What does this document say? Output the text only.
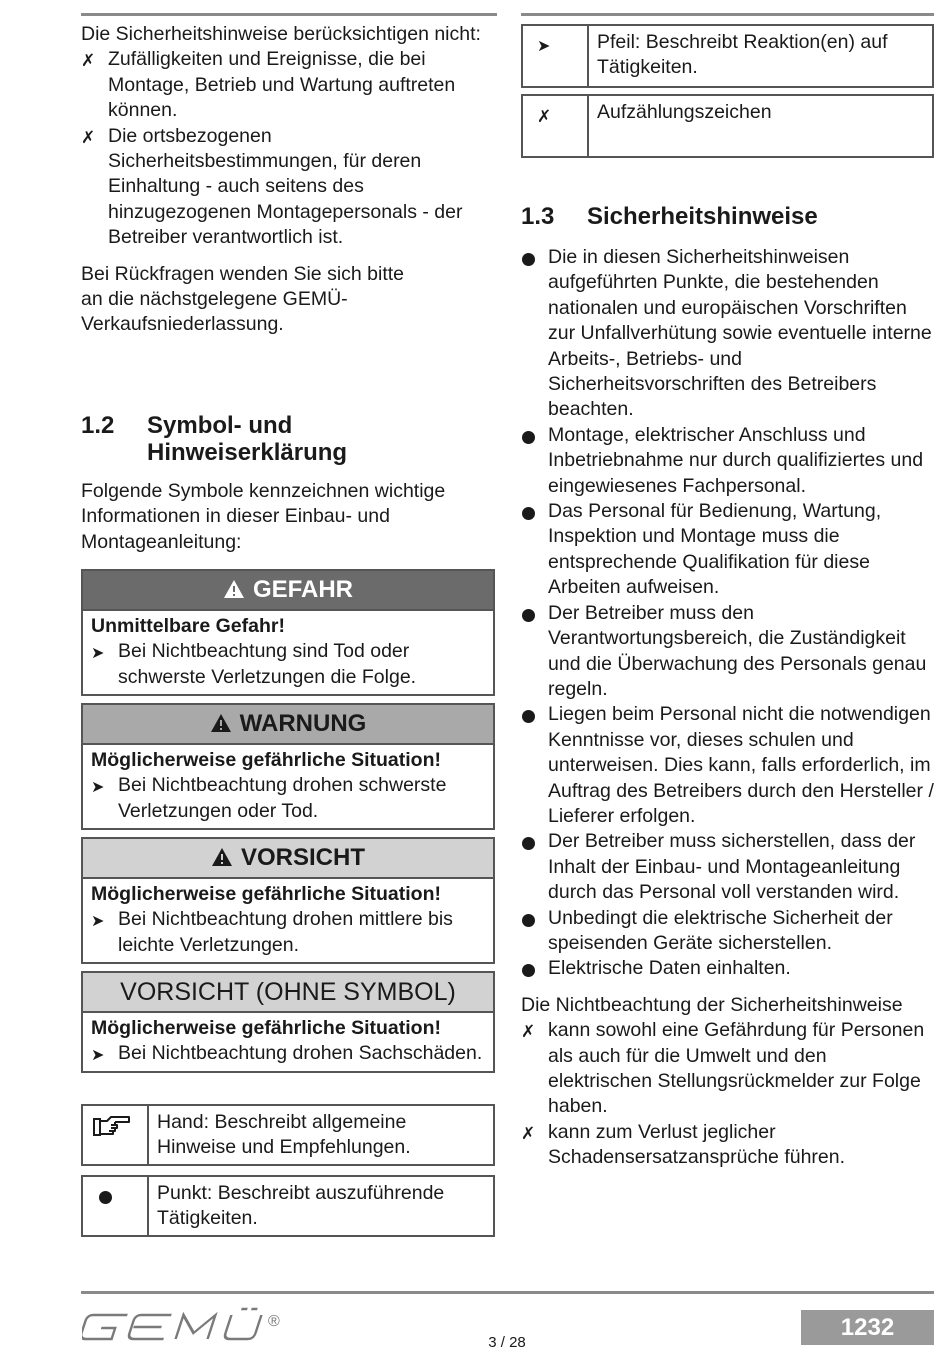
Die Sicherheitshinweise berücksichtigen nicht:

✗ Zufälligkeiten und Ereignisse, die bei Montage, Betrieb und Wartung auftreten können.
✗ Die ortsbezogenen Sicherheitsbestimmungen, für deren Einhaltung - auch seitens des hinzugezogenen Montagepersonals - der Betreiber verantwortlich ist.

Bei Rückfragen wenden Sie sich bitte an die nächstgelegene GEMÜ-Verkaufsniederlassung.

1.2 Symbol- und
Hinweiserklärung

Folgende Symbole kennzeichnen wichtige Informationen in dieser Einbau- und Montageanleitung:

GEFAHR
Unmittelbare Gefahr!
➤ Bei Nichtbeachtung sind Tod oder schwerste Verletzungen die Folge.
WARNUNG
Möglicherweise gefährliche Situation!
➤ Bei Nichtbeachtung drohen schwerste Verletzungen oder Tod.
VORSICHT
Möglicherweise gefährliche Situation!
➤ Bei Nichtbeachtung drohen mittlere bis leichte Verletzungen.
VORSICHT (OHNE SYMBOL)
Möglicherweise gefährliche Situation!
➤ Bei Nichtbeachtung drohen Sachschäden.
Hand: Beschreibt allgemeine Hinweise und Empfehlungen.
Punkt: Beschreibt auszuführende Tätigkeiten.
➤	Pfeil: Beschreibt Reaktion(en) auf Tätigkeiten.
✗	Aufzählungszeichen
1.3 Sicherheitshinweise
Die in diesen Sicherheitshinweisen aufgeführten Punkte, die bestehenden nationalen und europäischen Vorschriften zur Unfallverhütung sowie eventuelle interne Arbeits-, Betriebs- und Sicherheitsvorschriften des Betreibers beachten.
Montage, elektrischer Anschluss und Inbetriebnahme nur durch qualifiziertes und eingewiesenes Fachpersonal.
Das Personal für Bedienung, Wartung, Inspektion und Montage muss die entsprechende Qualifikation für diese Arbeiten aufweisen.
Der Betreiber muss den Verantwortungsbereich, die Zuständigkeit und die Überwachung des Personals genau regeln.
Liegen beim Personal nicht die notwendigen Kenntnisse vor, dieses schulen und unterweisen. Dies kann, falls erforderlich, im Auftrag des Betreibers durch den Hersteller / Lieferer erfolgen.
Der Betreiber muss sicherstellen, dass der Inhalt der Einbau- und Montageanleitung durch das Personal voll verstanden wird.
Unbedingt die elektrische Sicherheit der speisenden Geräte sicherstellen.
Elektrische Daten einhalten.

Die Nichtbeachtung der Sicherheitshinweise

✗ kann sowohl eine Gefährdung für Personen als auch für die Umwelt und den elektrischen Stellungsrückmelder zur Folge haben.
✗ kann zum Verlust jeglicher Schadensersatzansprüche führen.
®
3 / 28
1232
